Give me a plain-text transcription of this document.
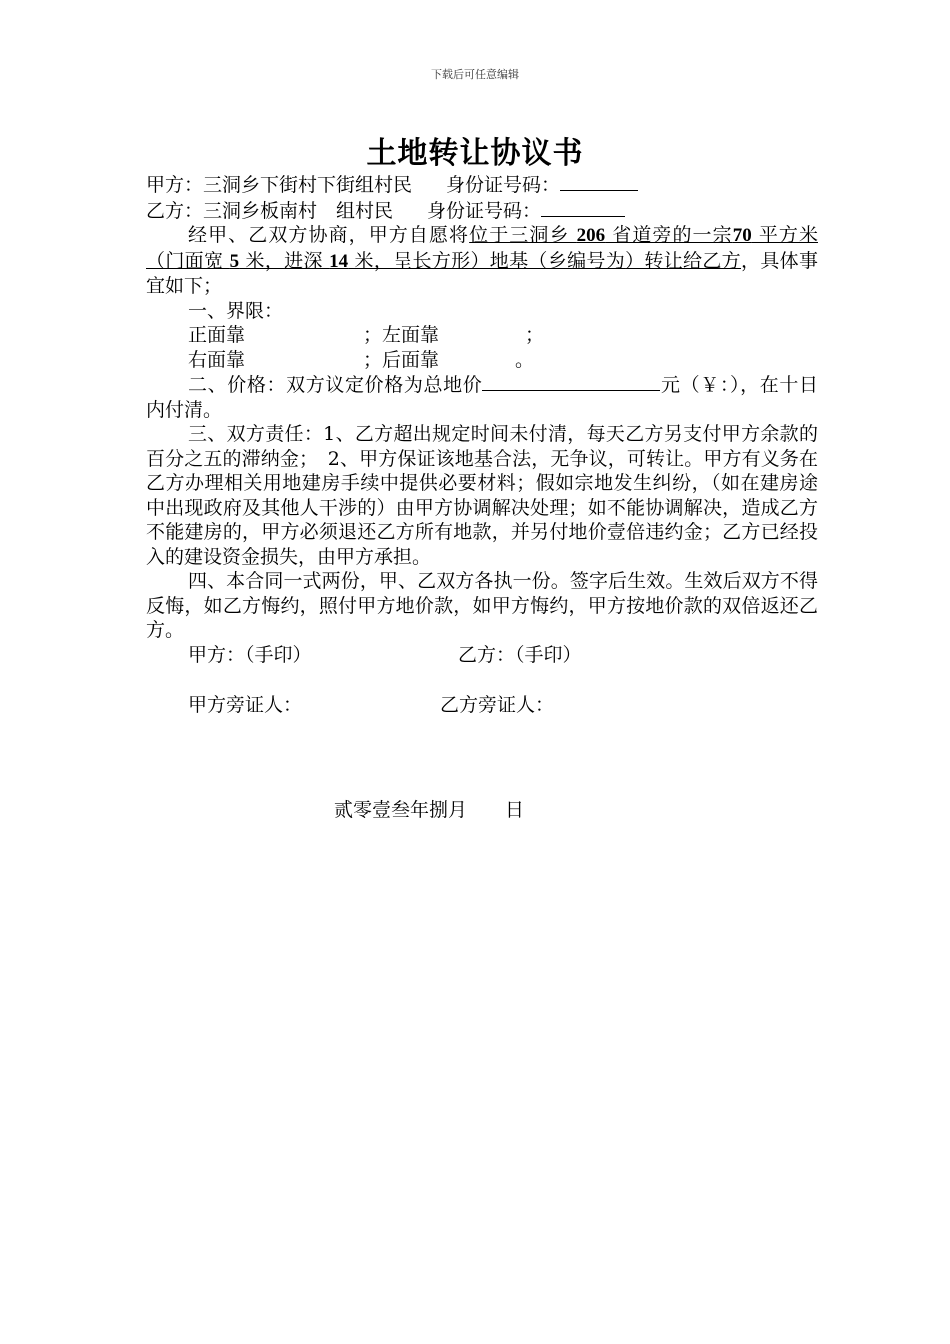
下载后可任意编辑
土地转让协议书
甲方：三洞乡下街村下街组村民 身份证号码：
乙方：三洞乡板南村　组村民 身份证号码：
经甲、乙双方协商，甲方自愿将位于三洞乡 206 省道旁的一宗70 平方米（门面宽 5 米，进深 14 米，呈长方形）地基（乡编号为）转让给乙方，具体事宜如下；
一、界限：
正面靠	；左面靠	；
右面靠	；后面靠	。
二、价格：双方议定价格为总地价	元（￥：），在十日内付清。
三、双方责任：1、乙方超出规定时间未付清，每天乙方另支付甲方余款的百分之五的滞纳金；　2、甲方保证该地基合法，无争议，可转让。甲方有义务在乙方办理相关用地建房手续中提供必要材料；假如宗地发生纠纷，（如在建房途中出现政府及其他人干涉的）由甲方协调解决处理；如不能协调解决，造成乙方不能建房的，甲方必须退还乙方所有地款，并另付地价壹倍违约金；乙方已经投入的建设资金损失，由甲方承担。
四、本合同一式两份，甲、乙双方各执一份。签字后生效。生效后双方不得反悔，如乙方悔约，照付甲方地价款，如甲方悔约，甲方按地价款的双倍返还乙方。
甲方：（手印）	乙方：（手印）
甲方旁证人：	乙方旁证人：
贰零壹叁年捌月　　日
